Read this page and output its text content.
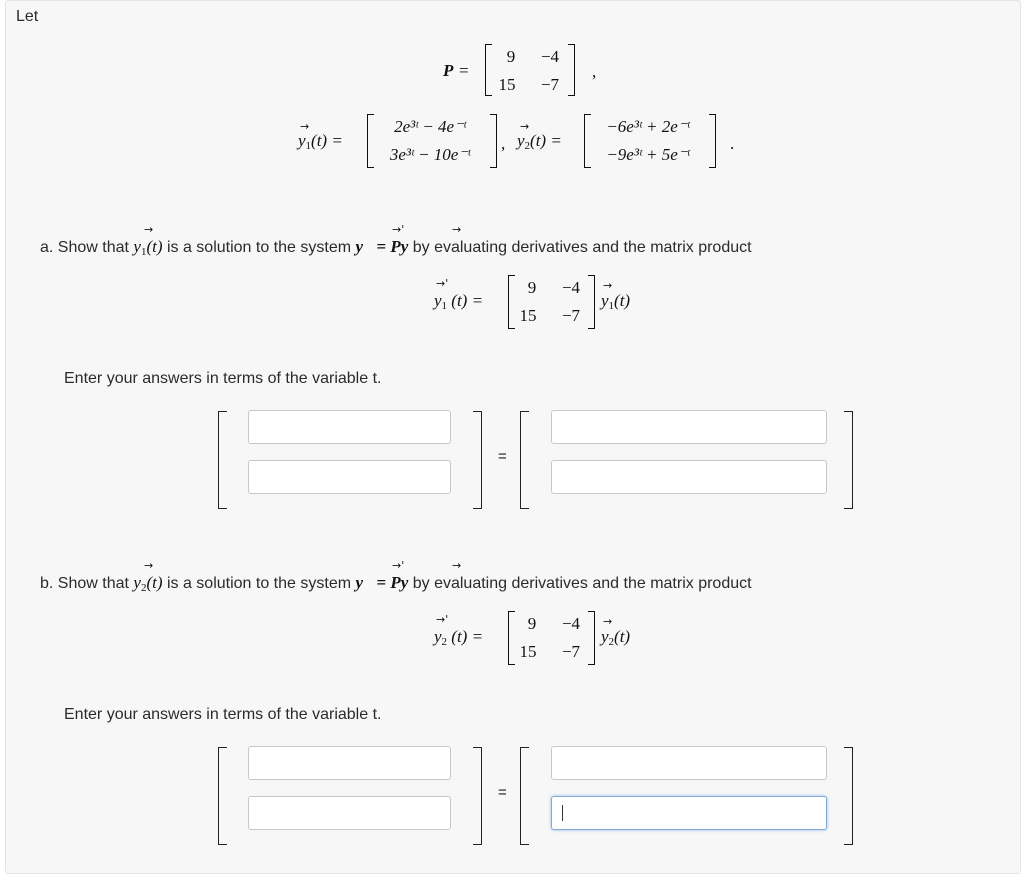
Let
P =
9	−4
15	−7
,
→
$y_1(t)$ =
2e³ᵗ − 4e⁻ᵗ
3e³ᵗ − 10e⁻ᵗ
,
→
$y_2(t)$ =
−6e³ᵗ + 2e⁻ᵗ
−9e³ᵗ + 5e⁻ᵗ
.
→	→'	→
a. Show that $y_1(t)$ is a solution to the system y = Py by evaluating derivatives and the matrix product
→'
$y_1$ (t) =
9	−4
15	−7
→
$y_1(t)$
Enter your answers in terms of the variable t.
=
→	→'	→
b. Show that $y_2(t)$ is a solution to the system y = Py by evaluating derivatives and the matrix product
→'
$y_2$ (t) =
9	−4
15	−7
→
$y_2(t)$
Enter your answers in terms of the variable t.
=
